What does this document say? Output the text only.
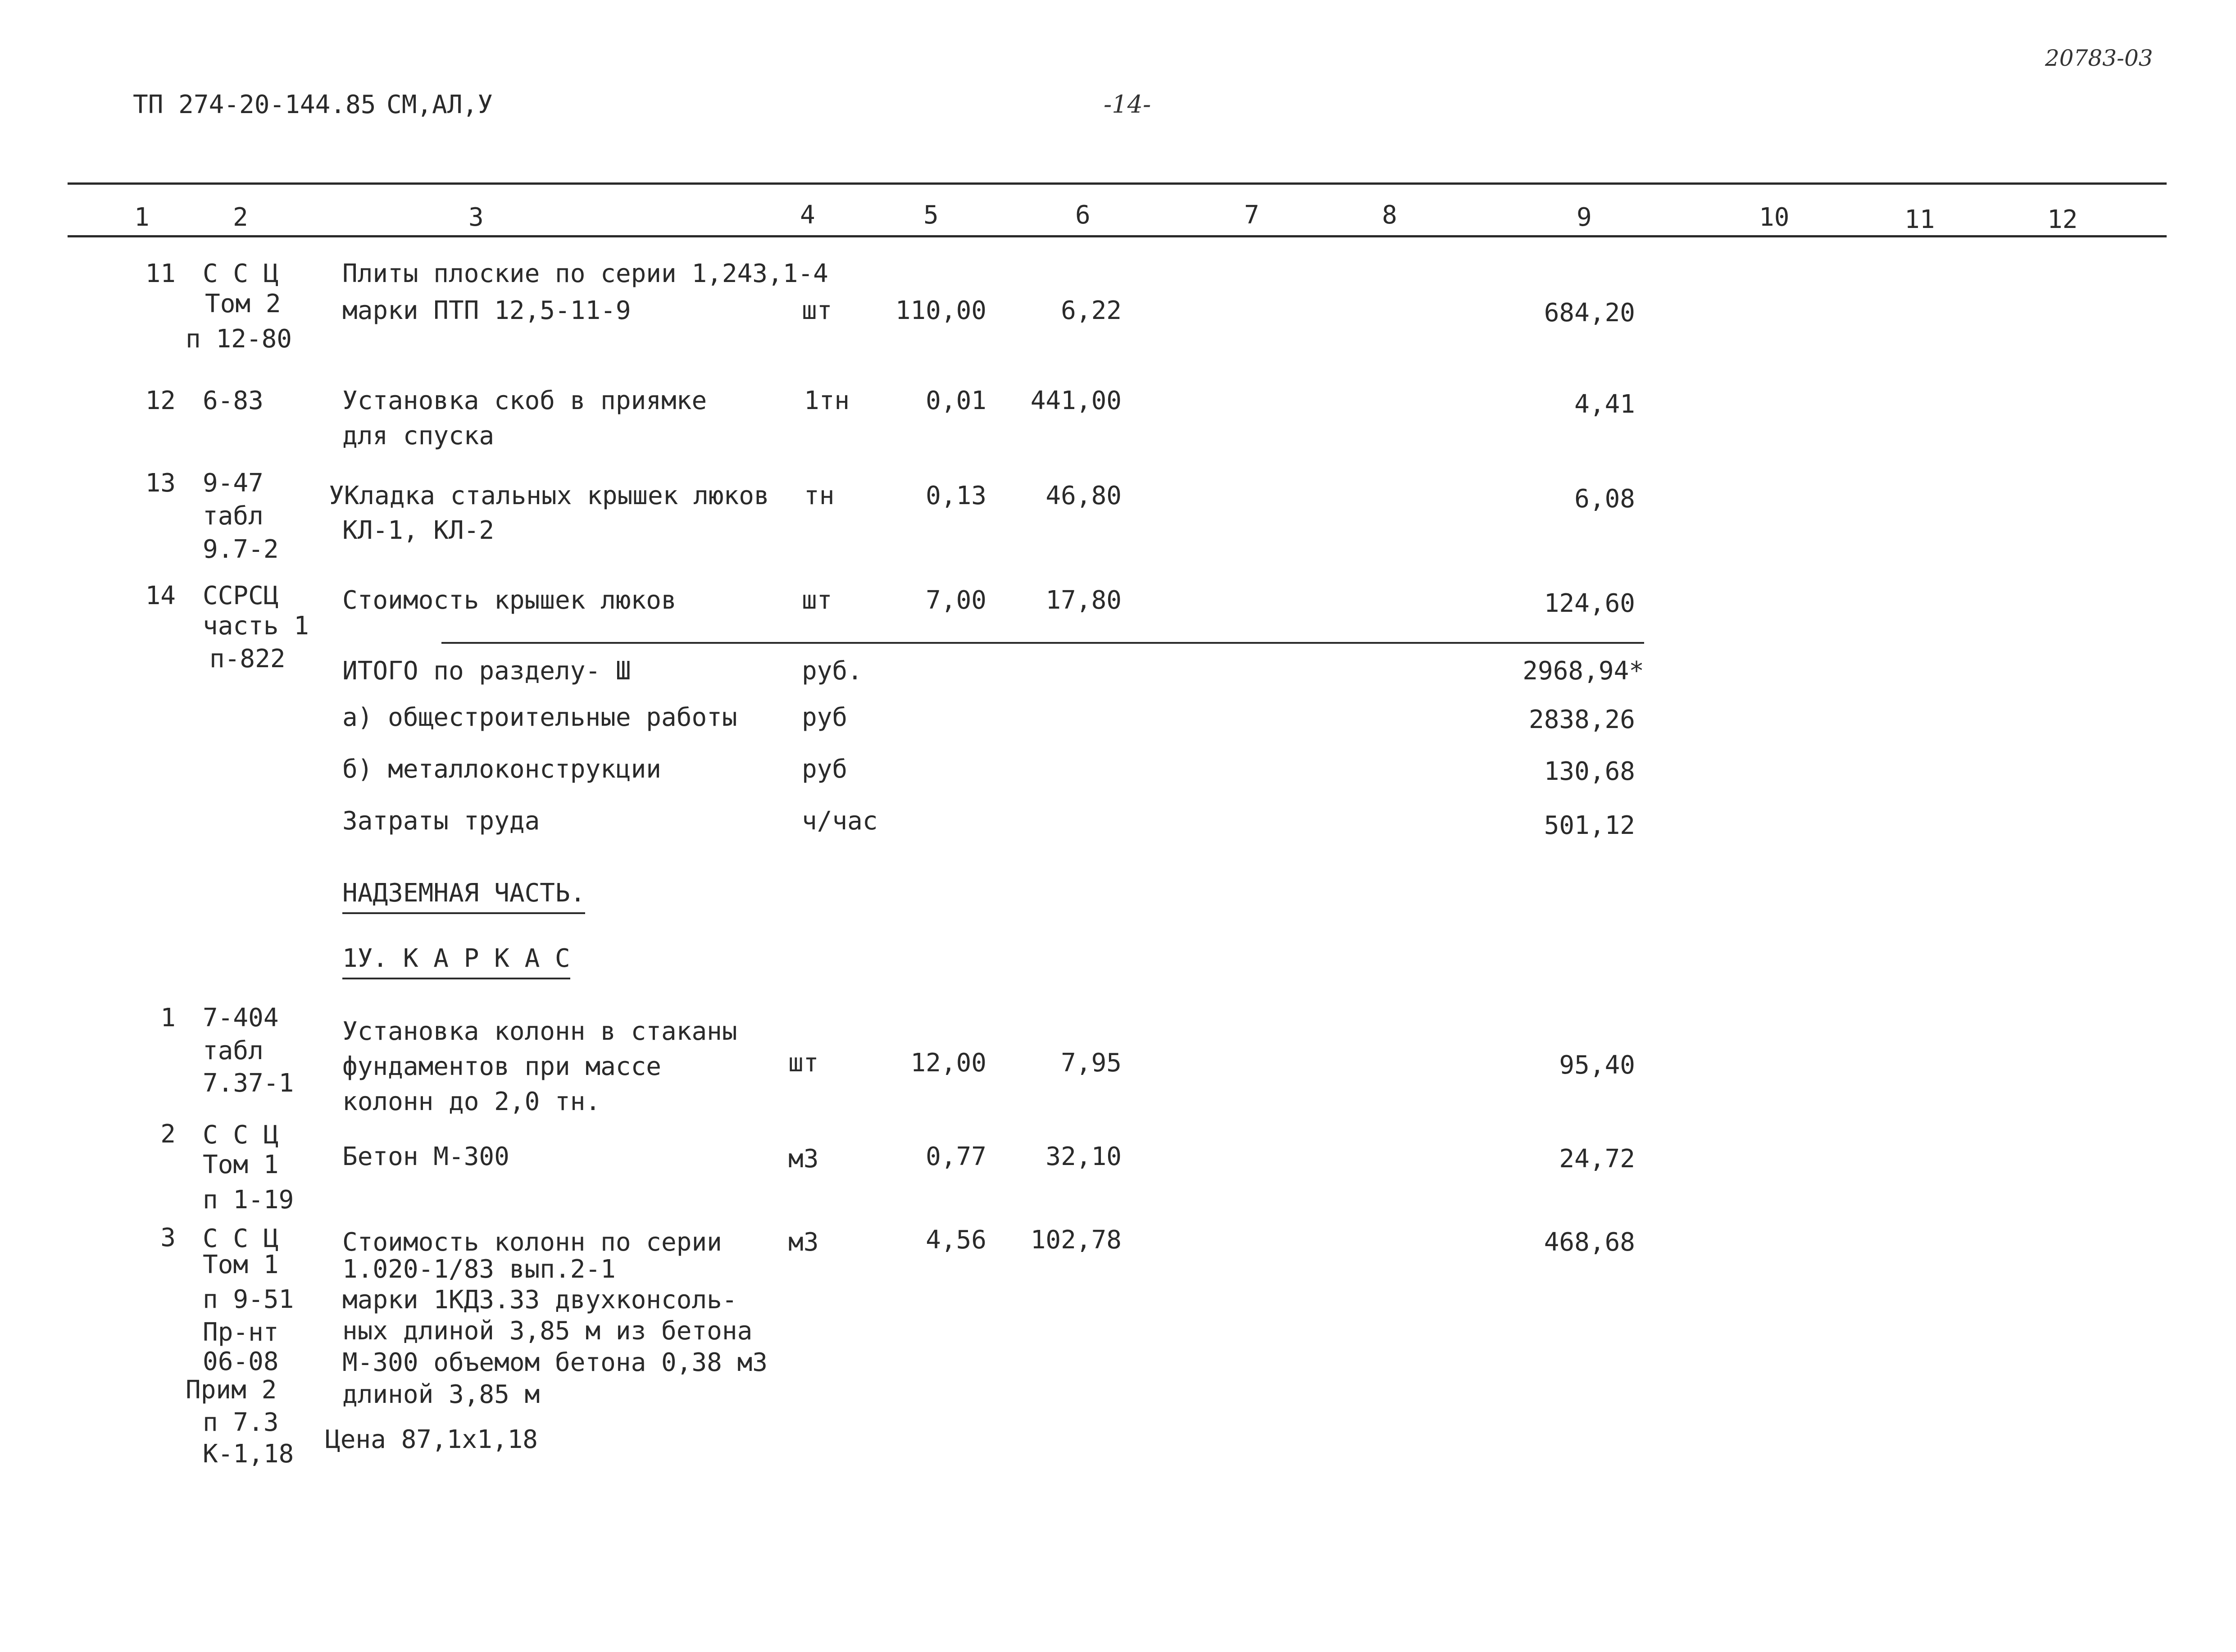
ТП 274-20-144.85 СМ,АЛ,У	-14-
20783-03
1	2	3	4	5	6	7	8	9	10	11	12
11 С С Ц
Том 2
п 12-80
Плиты плоские по серии 1,243,1-4
марки ПТП 12,5-11-9	шт	110,00	6,22	684,20
12 6-83	Установка скоб в приямке
для спуска
1тн	0,01	441,00	4,41
13 9-47
табл
9.7-2
УКладка стальных крышек люков
КЛ-1, КЛ-2
тн	0,13	46,80	6,08
14 ССРСЦ
часть 1
п-822
Стоимость крышек люков	шт	7,00	17,80	124,60
ИТОГО по разделу- Ш	руб.	2968,94*
а) общестроительные работы	руб	2838,26
б) металлоконструкции	руб	130,68
Затраты труда	ч/час	501,12
НАДЗЕМНАЯ ЧАСТЬ.
1У. К А Р К А С
1 7-404
табл
7.37-1
Установка колонн в стаканы
фундаментов при массе
колонн до 2,0 тн.
шт	12,00	7,95	95,40
2 С С Ц
Том 1
п 1-19
Бетон М-300	м3	0,77	32,10	24,72
3 С С Ц
Том 1
п 9-51
Пр-нт
06-08
Прим 2
п 7.3
К-1,18
Стоимость колонн по серии
1.020-1/83 вып.2-1
марки 1КД3.33 двухконсоль-
ных длиной 3,85 м из бетона
М-300 объемом бетона 0,38 м3
длиной 3,85 м
Цена 87,1х1,18
м3	4,56	102,78	468,68
